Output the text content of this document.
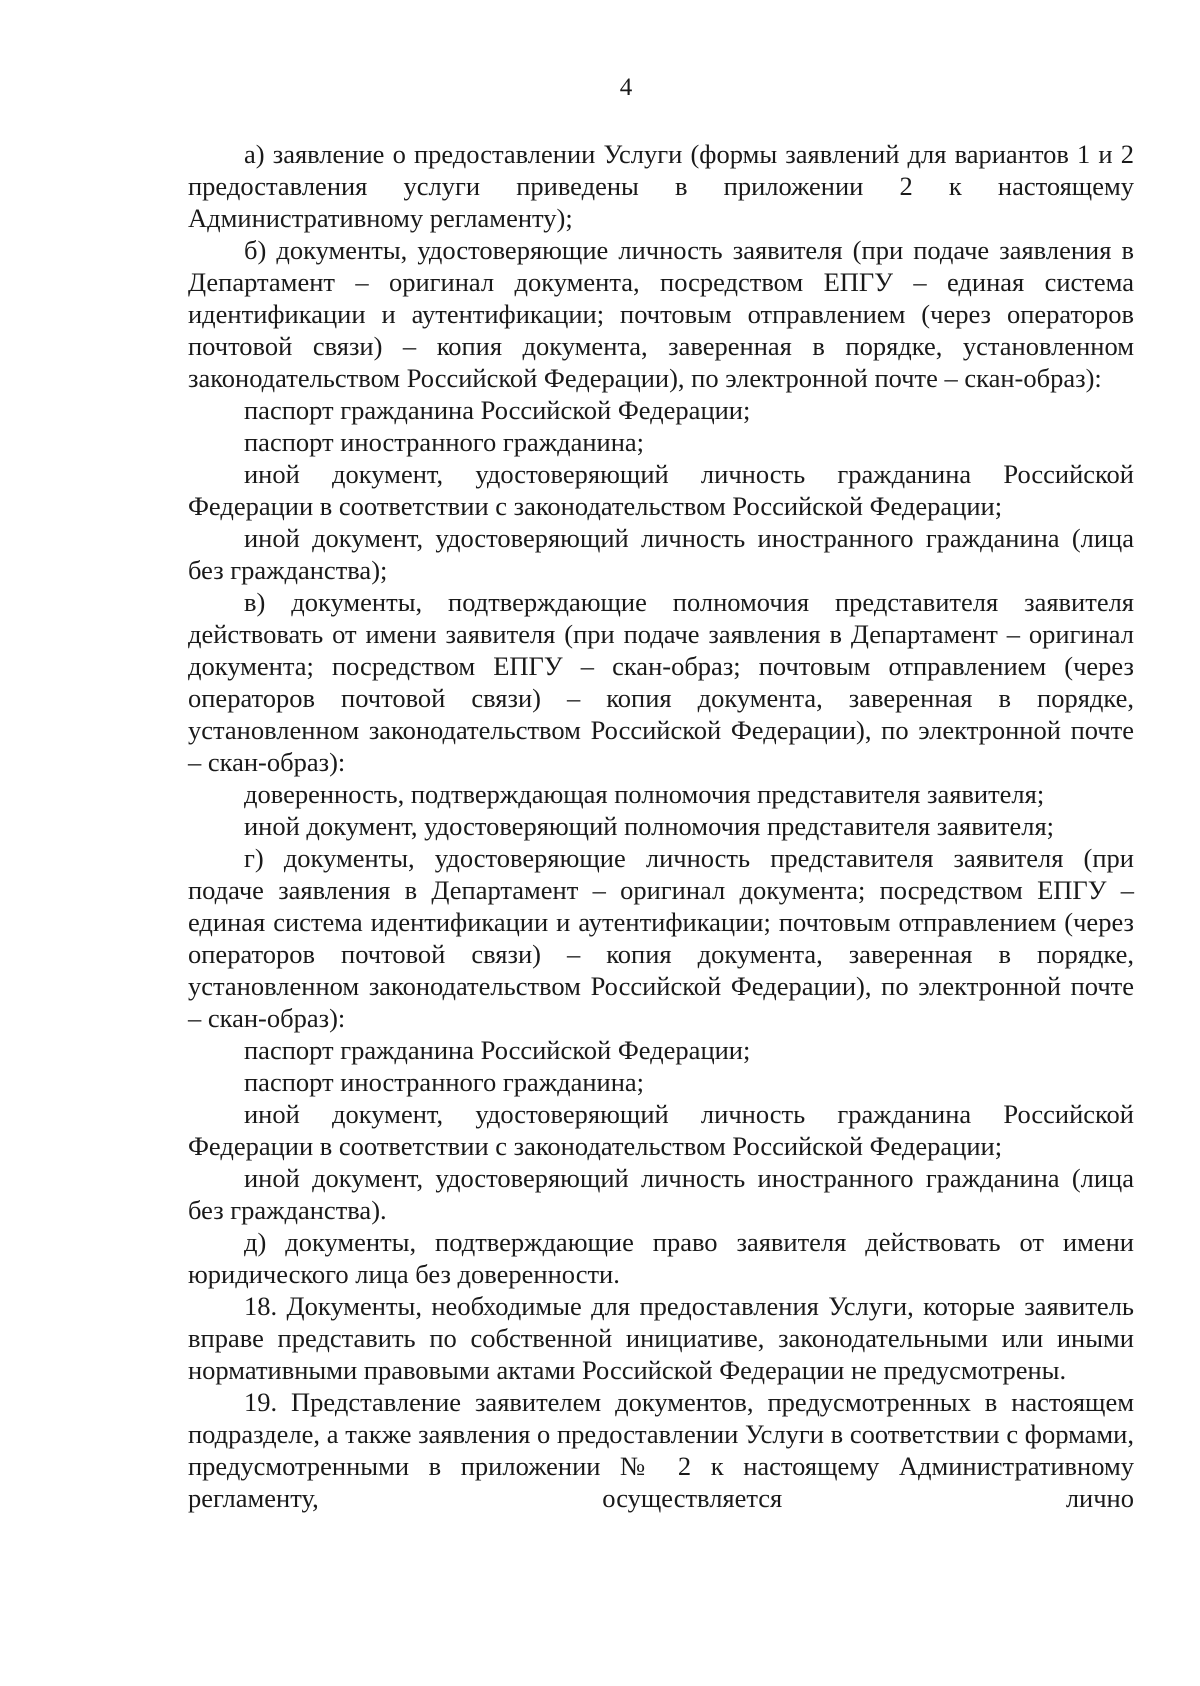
4

а) заявление о предоставлении Услуги (формы заявлений для вариантов 1 и 2 предоставления услуги приведены в приложении 2 к настоящему Административному регламенту);

б) документы, удостоверяющие личность заявителя (при подаче заявления в Департамент – оригинал документа, посредством ЕПГУ – единая система идентификации и аутентификации; почтовым отправлением (через операторов почтовой связи) – копия документа, заверенная в порядке, установленном законодательством Российской Федерации), по электронной почте – скан-образ):

паспорт гражданина Российской Федерации;

паспорт иностранного гражданина;

иной документ, удостоверяющий личность гражданина Российской Федерации в соответствии с законодательством Российской Федерации;

иной документ, удостоверяющий личность иностранного гражданина (лица без гражданства);

в) документы, подтверждающие полномочия представителя заявителя действовать от имени заявителя (при подаче заявления в Департамент – оригинал документа; посредством ЕПГУ – скан-образ; почтовым отправлением (через операторов почтовой связи) – копия документа, заверенная в порядке, установленном законодательством Российской Федерации), по электронной почте – скан-образ):

доверенность, подтверждающая полномочия представителя заявителя;

иной документ, удостоверяющий полномочия представителя заявителя;

г) документы, удостоверяющие личность представителя заявителя (при подаче заявления в Департамент – оригинал документа; посредством ЕПГУ – единая система идентификации и аутентификации; почтовым отправлением (через операторов почтовой связи) – копия документа, заверенная в порядке, установленном законодательством Российской Федерации), по электронной почте – скан-образ):

паспорт гражданина Российской Федерации;

паспорт иностранного гражданина;

иной документ, удостоверяющий личность гражданина Российской Федерации в соответствии с законодательством Российской Федерации;

иной документ, удостоверяющий личность иностранного гражданина (лица без гражданства).

д) документы, подтверждающие право заявителя действовать от имени юридического лица без доверенности.

18. Документы, необходимые для предоставления Услуги, которые заявитель вправе представить по собственной инициативе, законодательными или иными нормативными правовыми актами Российской Федерации не предусмотрены.

19. Представление заявителем документов, предусмотренных в настоящем подразделе, а также заявления о предоставлении Услуги в соответствии с формами, предусмотренными в приложении № 2 к настоящему Административному регламенту, осуществляется лично
